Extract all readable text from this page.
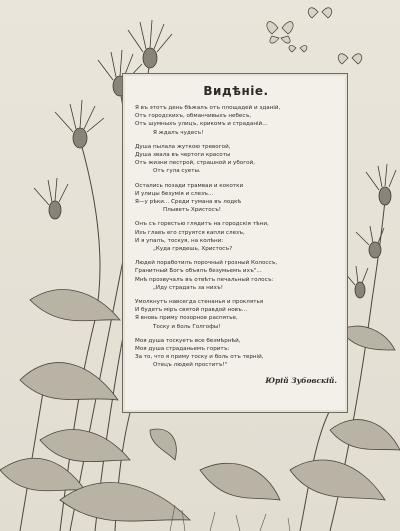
Видѣніе.
Я въ этотъ день бѣжалъ отъ площадей и зданій,
Отъ городскихъ, обманчивыхъ небесъ,
Отъ шумныхъ улицъ, крикомъ и страданій...
Я ждалъ чудесъ!
Душа пылала жуткою тревогой,
Душа звала въ чертоги красоты
Отъ жизни пестрой, страшной и убогой,
Отъ гула суеты.
Остались позади трамваи и кокотки
И улицы безумія и слезъ...
Я—у рѣки... Среди тумана въ лодкѣ
Плыветъ Христосъ!
Онъ съ горестью глядитъ на городскія тѣни,
Изъ главъ его струятся капли слезъ,
И я упалъ, тоскуя, на колѣни:
„Куда грядешь, Христосъ?
Людей поработилъ порочный грозный Колоссъ,
Гранитный Богъ объялъ безумьемъ ихъ"...
Мнѣ прозвучалъ въ отвѣтъ печальный голосъ:
„Иду страдать за нихъ!
Умолкнутъ навсегда стенанья и проклятья
И будетъ міръ святой правдой новъ...
Я вновь приму позорное распятье,
Тоску и боль Голгофы!
Моя душа тоскуетъ все безмѣрнѣй,
Моя душа страданьемъ горитъ:
За то, что я приму тоску и боль отъ терній,
Отецъ людей проститъ!"
Юрій Зубовскій.
